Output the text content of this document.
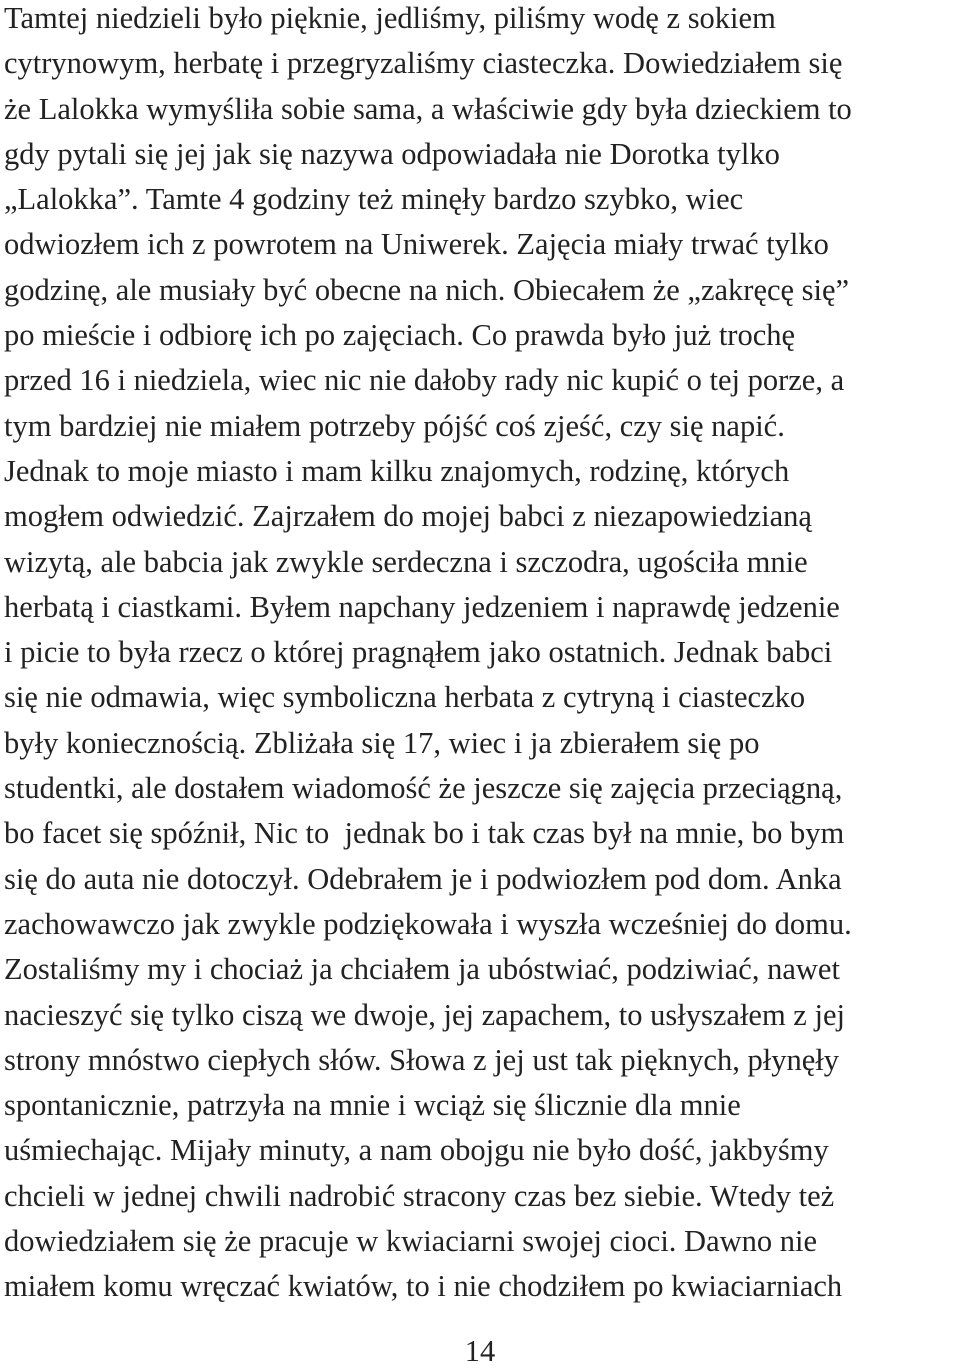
Tamtej niedzieli było pięknie, jedliśmy, piliśmy wodę z sokiem
cytrynowym, herbatę i przegryzaliśmy ciasteczka. Dowiedziałem się
że Lalokka wymyśliła sobie sama, a właściwie gdy była dzieckiem to
gdy pytali się jej jak się nazywa odpowiadała nie Dorotka tylko
„Lalokka”. Tamte 4 godziny też minęły bardzo szybko, wiec
odwiozłem ich z powrotem na Uniwerek. Zajęcia miały trwać tylko
godzinę, ale musiały być obecne na nich. Obiecałem że „zakręcę się”
po mieście i odbiorę ich po zajęciach. Co prawda było już trochę
przed 16 i niedziela, wiec nic nie dałoby rady nic kupić o tej porze, a
tym bardziej nie miałem potrzeby pójść coś zjeść, czy się napić.
Jednak to moje miasto i mam kilku znajomych, rodzinę, których
mogłem odwiedzić. Zajrzałem do mojej babci z niezapowiedzianą
wizytą, ale babcia jak zwykle serdeczna i szczodra, ugościła mnie
herbatą i ciastkami. Byłem napchany jedzeniem i naprawdę jedzenie
i picie to była rzecz o której pragnąłem jako ostatnich. Jednak babci
się nie odmawia, więc symboliczna herbata z cytryną i ciasteczko
były koniecznością. Zbliżała się 17, wiec i ja zbierałem się po
studentki, ale dostałem wiadomość że jeszcze się zajęcia przeciągną,
bo facet się spóźnił, Nic to  jednak bo i tak czas był na mnie, bo bym
się do auta nie dotoczył. Odebrałem je i podwiozłem pod dom. Anka
zachowawczo jak zwykle podziękowała i wyszła wcześniej do domu.
Zostaliśmy my i chociaż ja chciałem ja ubóstwiać, podziwiać, nawet
nacieszyć się tylko ciszą we dwoje, jej zapachem, to usłyszałem z jej
strony mnóstwo ciepłych słów. Słowa z jej ust tak pięknych, płynęły
spontanicznie, patrzyła na mnie i wciąż się ślicznie dla mnie
uśmiechając. Mijały minuty, a nam obojgu nie było dość, jakbyśmy
chcieli w jednej chwili nadrobić stracony czas bez siebie. Wtedy też
dowiedziałem się że pracuje w kwiaciarni swojej cioci. Dawno nie
miałem komu wręczać kwiatów, to i nie chodziłem po kwiaciarniach
14
